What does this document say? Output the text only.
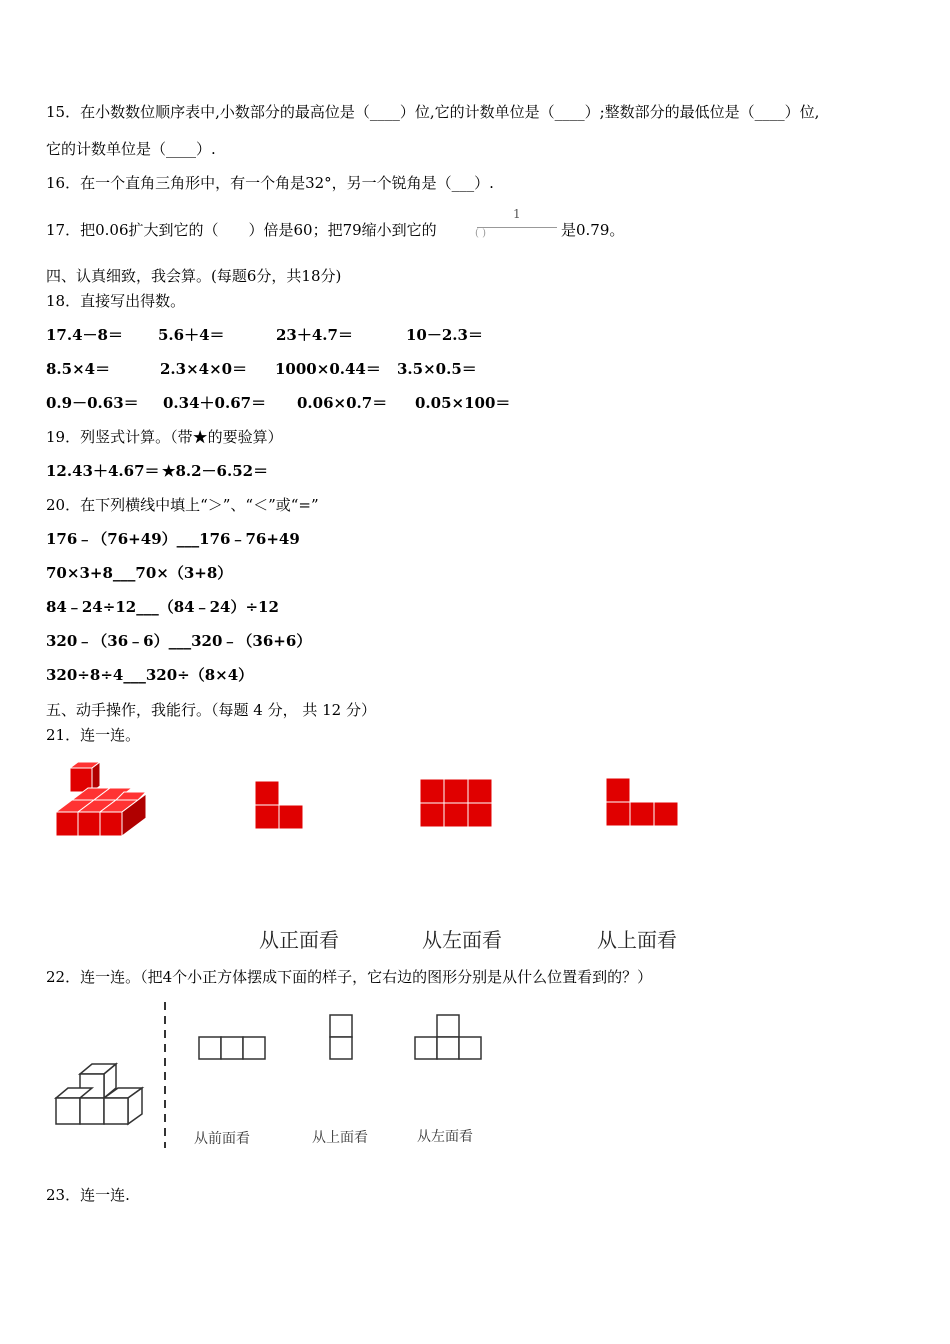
15．在小数数位顺序表中,小数部分的最高位是（____）位,它的计数单位是（____）;整数部分的最低位是（____）位,
它的计数单位是（____）.
16．在一个直角三角形中，有一个角是32°，另一个锐角是（___）.
17．把0.06扩大到它的（　　）倍是60；把79缩小到它的
1
( )	是0.79。
四、认真细致，我会算。(每题6分，共18分)
18．直接写出得数。
17.4－8＝ 5.6＋4＝	23＋4.7＝	10－2.3＝
8.5×4＝	2.3×4×0＝ 1000×0.44＝ 3.5×0.5＝
0.9－0.63＝ 0.34＋0.67＝ 0.06×0.7＝ 0.05×100＝
19．列竖式计算。（带★的要验算）
12.43＋4.67＝ ★8.2－6.52＝
20．在下列横线中填上“＞”、“＜”或“=”
176﹣（76+49）___176﹣76+49
70×3+8___70×（3+8）
84﹣24÷12___（84﹣24）÷12
320﹣（36﹣6）___320﹣（36+6）
320÷8÷4___320÷（8×4）
五、动手操作，我能行。（每题 4 分， 共 12 分）
21．连一连。
从正面看	从左面看	从上面看
22．连一连。（把4个小正方体摆成下面的样子，它右边的图形分别是从什么位置看到的？）
从前面看	从上面看	从左面看
23．连一连.
